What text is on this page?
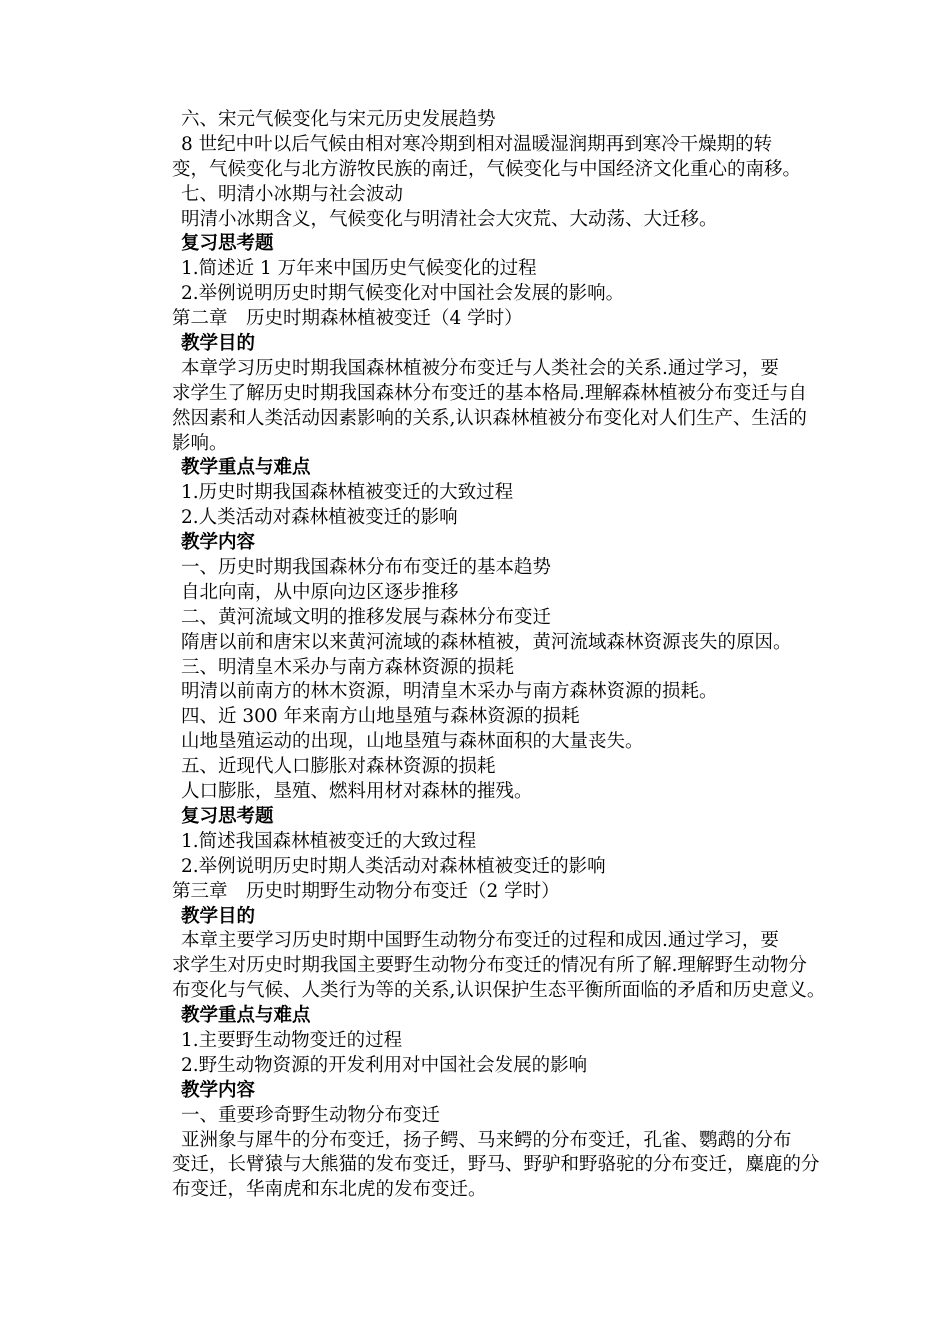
六、宋元气候变化与宋元历史发展趋势
8 世纪中叶以后气候由相对寒冷期到相对温暖湿润期再到寒冷干燥期的转
变，气候变化与北方游牧民族的南迁，气候变化与中国经济文化重心的南移。
七、明清小冰期与社会波动
明清小冰期含义，气候变化与明清社会大灾荒、大动荡、大迁移。
复习思考题
1.简述近 1 万年来中国历史气候变化的过程
2.举例说明历史时期气候变化对中国社会发展的影响。
第二章　历史时期森林植被变迁（4 学时）
教学目的
本章学习历史时期我国森林植被分布变迁与人类社会的关系.通过学习，要
求学生了解历史时期我国森林分布变迁的基本格局.理解森林植被分布变迁与自
然因素和人类活动因素影响的关系,认识森林植被分布变化对人们生产、生活的
影响。
教学重点与难点
1.历史时期我国森林植被变迁的大致过程
2.人类活动对森林植被变迁的影响
教学内容
一、历史时期我国森林分布布变迁的基本趋势
自北向南，从中原向边区逐步推移
二、黄河流域文明的推移发展与森林分布变迁
隋唐以前和唐宋以来黄河流域的森林植被，黄河流域森林资源丧失的原因。
三、明清皇木采办与南方森林资源的损耗
明清以前南方的林木资源，明清皇木采办与南方森林资源的损耗。
四、近 300 年来南方山地垦殖与森林资源的损耗
山地垦殖运动的出现，山地垦殖与森林面积的大量丧失。
五、近现代人口膨胀对森林资源的损耗
人口膨胀，垦殖、燃料用材对森林的摧残。
复习思考题
1.简述我国森林植被变迁的大致过程
2.举例说明历史时期人类活动对森林植被变迁的影响
第三章　历史时期野生动物分布变迁（2 学时）
教学目的
本章主要学习历史时期中国野生动物分布变迁的过程和成因.通过学习，要
求学生对历史时期我国主要野生动物分布变迁的情况有所了解.理解野生动物分
布变化与气候、人类行为等的关系,认识保护生态平衡所面临的矛盾和历史意义。
教学重点与难点
1.主要野生动物变迁的过程
2.野生动物资源的开发利用对中国社会发展的影响
教学内容
一、重要珍奇野生动物分布变迁
亚洲象与犀牛的分布变迁，扬子鳄、马来鳄的分布变迁，孔雀、鹦鹉的分布
变迁，长臂猿与大熊猫的发布变迁，野马、野驴和野骆驼的分布变迁，麋鹿的分
布变迁，华南虎和东北虎的发布变迁。
